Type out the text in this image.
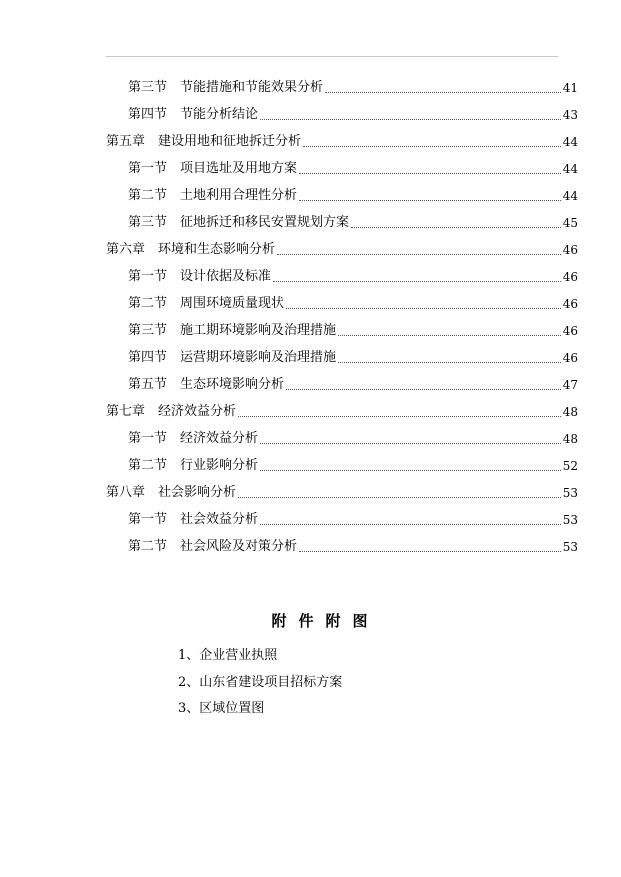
第三节 节能措施和节能效果分析	41
第四节 节能分析结论	43
第五章 建设用地和征地拆迁分析	44
第一节 项目选址及用地方案	44
第二节 土地利用合理性分析	44
第三节 征地拆迁和移民安置规划方案	45
第六章 环境和生态影响分析	46
第一节 设计依据及标准	46
第二节 周围环境质量现状	46
第三节 施工期环境影响及治理措施	46
第四节 运营期环境影响及治理措施	46
第五节 生态环境影响分析	47
第七章 经济效益分析	48
第一节 经济效益分析	48
第二节 行业影响分析	52
第八章 社会影响分析	53
第一节 社会效益分析	53
第二节 社会风险及对策分析	53
附件附图
1、企业营业执照
2、山东省建设项目招标方案
3、区域位置图
